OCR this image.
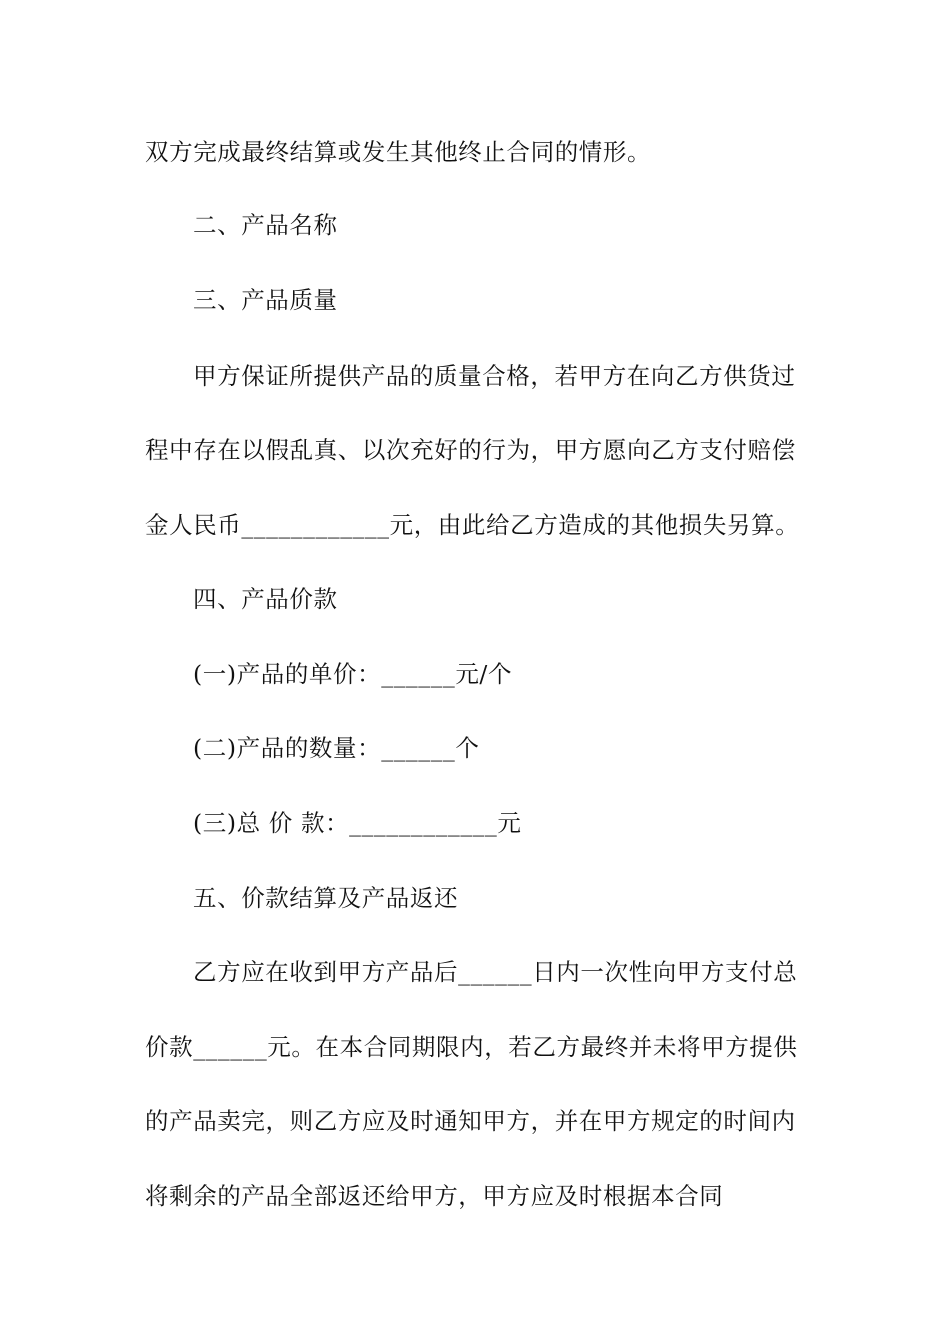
双方完成最终结算或发生其他终止合同的情形。
二、产品名称
三、产品质量
甲方保证所提供产品的质量合格，若甲方在向乙方供货过
程中存在以假乱真、以次充好的行为，甲方愿向乙方支付赔偿
金人民币____________元，由此给乙方造成的其他损失另算。
四、产品价款
(一)产品的单价：______元/个
(二)产品的数量：______个
(三)总 价 款：____________元
五、价款结算及产品返还
乙方应在收到甲方产品后______日内一次性向甲方支付总
价款______元。在本合同期限内，若乙方最终并未将甲方提供
的产品卖完，则乙方应及时通知甲方，并在甲方规定的时间内
将剩余的产品全部返还给甲方，甲方应及时根据本合同
